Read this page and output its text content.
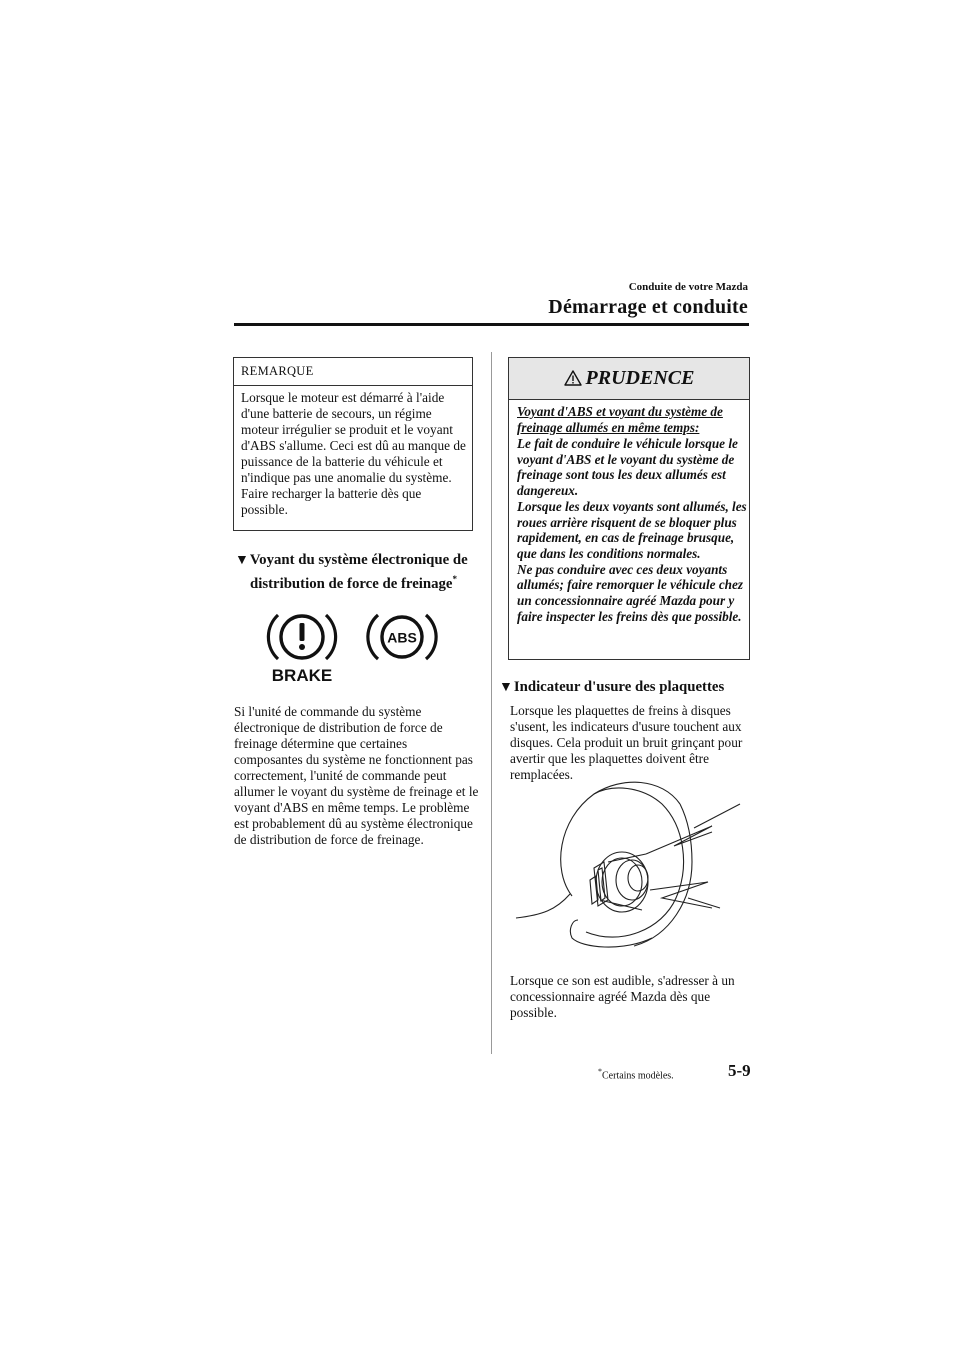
Conduite de votre Mazda
Démarrage et conduite
REMARQUE
Lorsque le moteur est démarré à l'aide d'une batterie de secours, un régime moteur irrégulier se produit et le voyant d'ABS s'allume. Ceci est dû au manque de puissance de la batterie du véhicule et n'indique pas une anomalie du système.
Faire recharger la batterie dès que possible.
▼Voyant du système électronique de
distribution de force de freinage*
BRAKE
ABS
Si l'unité de commande du système électronique de distribution de force de freinage détermine que certaines composantes du système ne fonctionnent pas correctement, l'unité de commande peut allumer le voyant du système de freinage et le voyant d'ABS en même temps. Le problème est probablement dû au système électronique de distribution de force de freinage.
PRUDENCE
Voyant d'ABS et voyant du système de freinage allumés en même temps:
Le fait de conduire le véhicule lorsque le voyant d'ABS et le voyant du système de freinage sont tous les deux allumés est dangereux.
Lorsque les deux voyants sont allumés, les roues arrière risquent de se bloquer plus rapidement, en cas de freinage brusque, que dans les conditions normales.
Ne pas conduire avec ces deux voyants allumés; faire remorquer le véhicule chez un concessionnaire agréé Mazda pour y faire inspecter les freins dès que possible.
▼Indicateur d'usure des plaquettes
Lorsque les plaquettes de freins à disques s'usent, les indicateurs d'usure touchent aux disques. Cela produit un bruit grinçant pour avertir que les plaquettes doivent être remplacées.
Lorsque ce son est audible, s'adresser à un concessionnaire agréé Mazda dès que possible.
*Certains modèles.	5-9
